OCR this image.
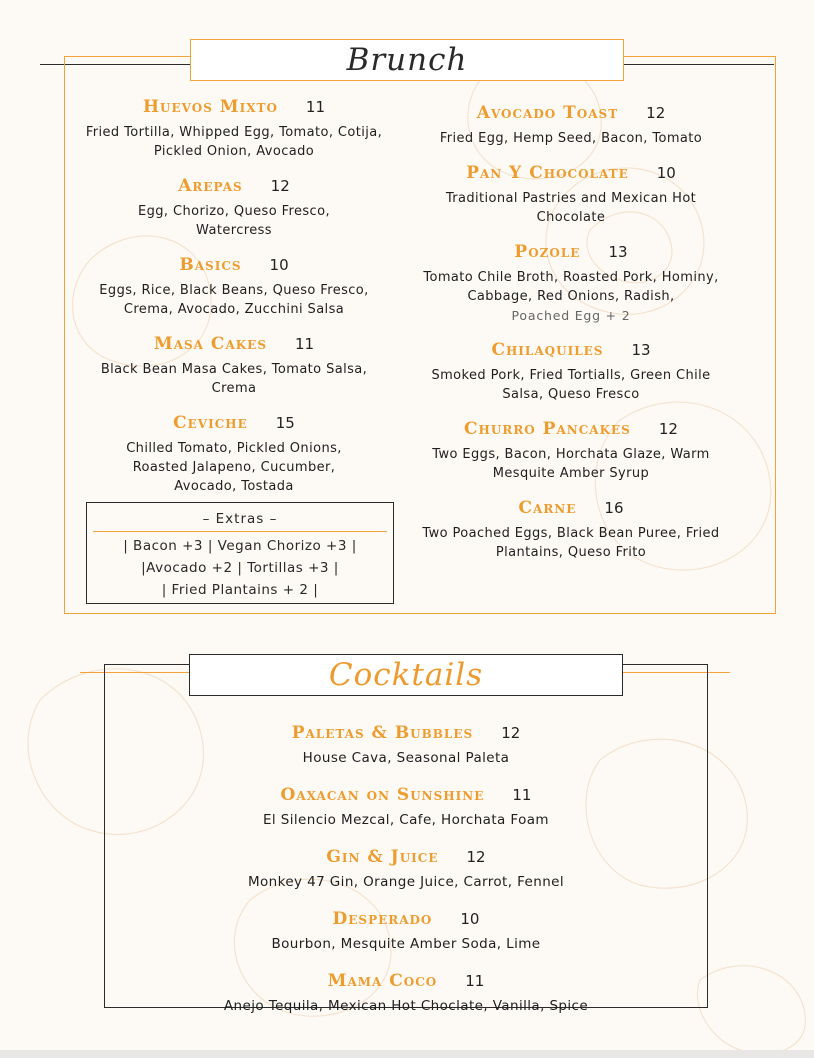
Brunch
Huevos Mixto 11
Fried Tortilla, Whipped Egg, Tomato, Cotija, Pickled Onion, Avocado
Arepas 12
Egg, Chorizo, Queso Fresco, Watercress
Basics 10
Eggs, Rice, Black Beans, Queso Fresco, Crema, Avocado, Zucchini Salsa
Masa Cakes 11
Black Bean Masa Cakes, Tomato Salsa, Crema
Ceviche 15
Chilled Tomato, Pickled Onions, Roasted Jalapeno, Cucumber, Avocado, Tostada
– Extras –
| Bacon +3 | Vegan Chorizo +3 |
|Avocado +2 | Tortillas +3 |
| Fried Plantains + 2 |
Avocado Toast 12
Fried Egg, Hemp Seed, Bacon, Tomato
Pan Y Chocolate 10
Traditional Pastries and Mexican Hot Chocolate
Pozole 13
Tomato Chile Broth, Roasted Pork, Hominy, Cabbage, Red Onions, Radish,
Poached Egg + 2
Chilaquiles 13
Smoked Pork, Fried Tortialls, Green Chile Salsa, Queso Fresco
Churro Pancakes 12
Two Eggs, Bacon, Horchata Glaze, Warm Mesquite Amber Syrup
Carne 16
Two Poached Eggs, Black Bean Puree, Fried Plantains, Queso Frito
Cocktails
Paletas & Bubbles 12
House Cava, Seasonal Paleta
Oaxacan on Sunshine 11
El Silencio Mezcal, Cafe, Horchata Foam
Gin & Juice 12
Monkey 47 Gin, Orange Juice, Carrot, Fennel
Desperado 10
Bourbon, Mesquite Amber Soda, Lime
Mama Coco 11
Anejo Tequila, Mexican Hot Choclate, Vanilla, Spice
